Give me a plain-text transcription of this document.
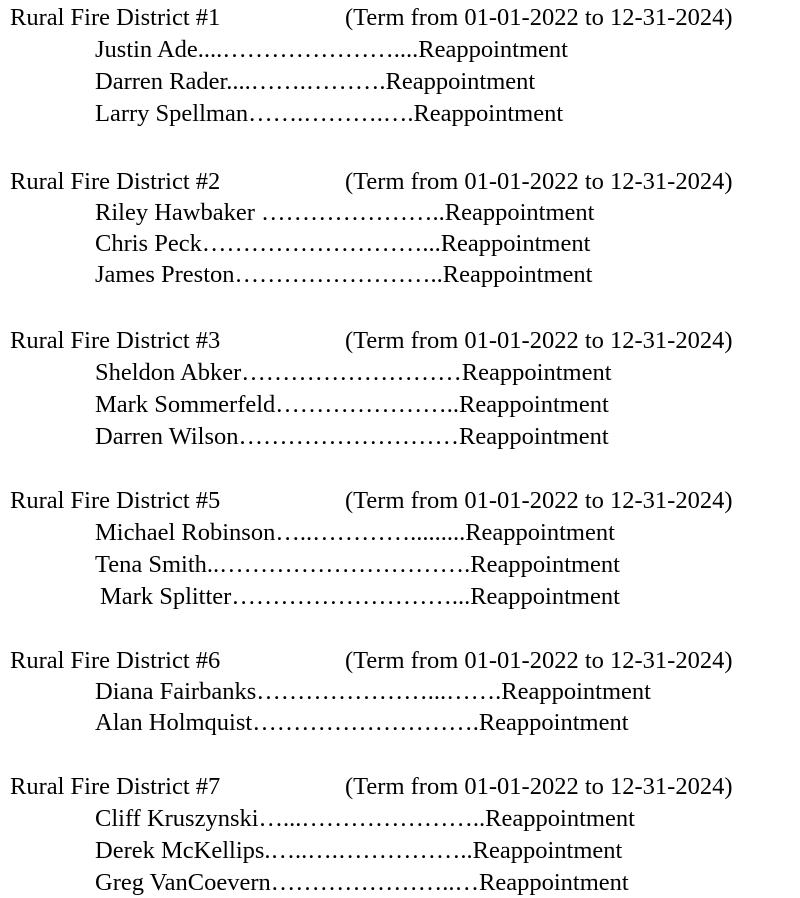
Rural Fire District #1	(Term from 01-01-2022 to 12-31-2024)
Justin Ade....…………………....Reappointment
Darren Rader....…….……….Reappointment
Larry Spellman…….……….….Reappointment
Rural Fire District #2	(Term from 01-01-2022 to 12-31-2024)
Riley Hawbaker …………………..Reappointment
Chris Peck………………………...Reappointment
James Preston……………………..Reappointment
Rural Fire District #3	(Term from 01-01-2022 to 12-31-2024)
Sheldon Abker………………………Reappointment
Mark Sommerfeld…………………..Reappointment
Darren Wilson………………………Reappointment
Rural Fire District #5	(Term from 01-01-2022 to 12-31-2024)
Michael Robinson…..………….........Reappointment
Tena Smith..………………………….Reappointment
Mark Splitter………………………...Reappointment
Rural Fire District #6	(Term from 01-01-2022 to 12-31-2024)
Diana Fairbanks…………………...…….Reappointment
Alan Holmquist……………………….Reappointment
Rural Fire District #7	(Term from 01-01-2022 to 12-31-2024)
Cliff Kruszynski…...…………………..Reappointment
Derek McKellips.…..….……………..Reappointment
Greg VanCoevern…………………..…Reappointment
